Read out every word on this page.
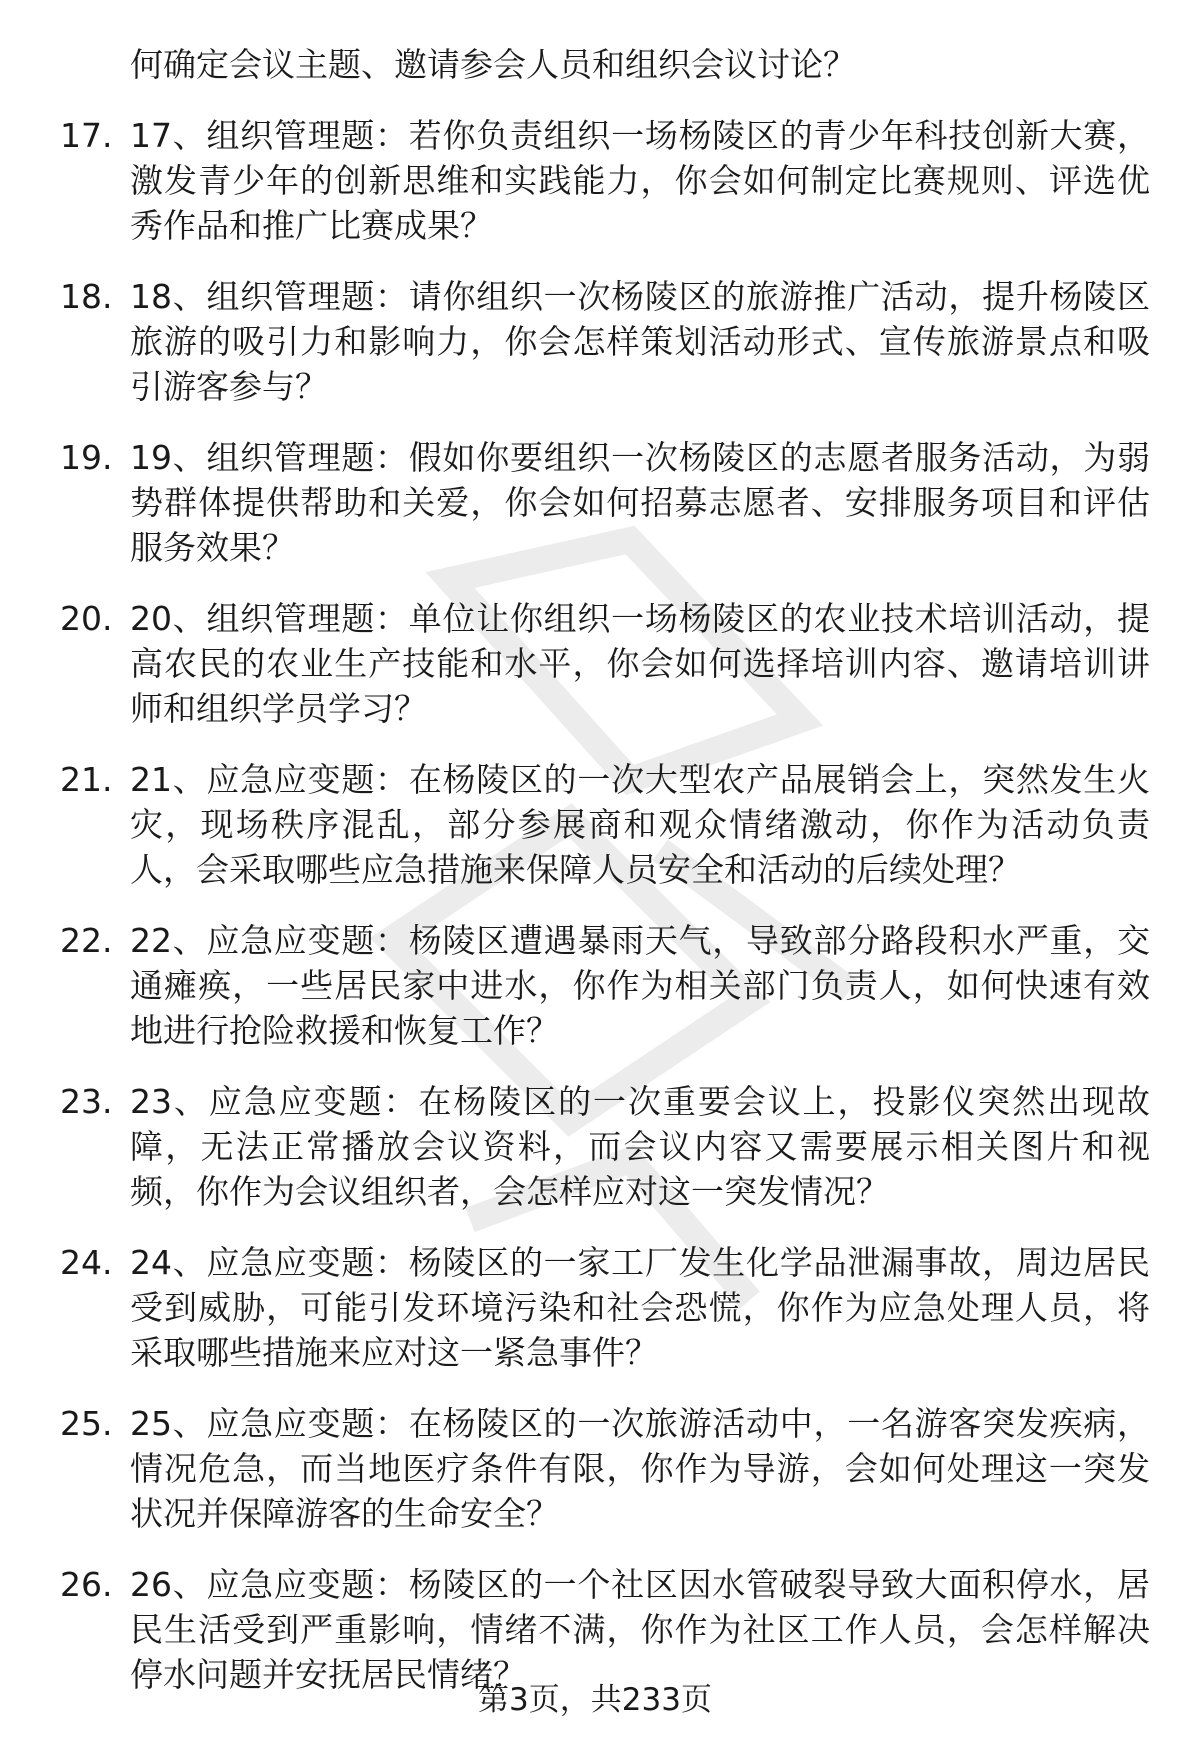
何确定会议主题、邀请参会人员和组织会议讨论？

17. 17、组织管理题：若你负责组织一场杨陵区的青少年科技创新大赛，激发青少年的创新思维和实践能力，你会如何制定比赛规则、评选优秀作品和推广比赛成果？
18. 18、组织管理题：请你组织一次杨陵区的旅游推广活动，提升杨陵区旅游的吸引力和影响力，你会怎样策划活动形式、宣传旅游景点和吸引游客参与？
19. 19、组织管理题：假如你要组织一次杨陵区的志愿者服务活动，为弱势群体提供帮助和关爱，你会如何招募志愿者、安排服务项目和评估服务效果？
20. 20、组织管理题：单位让你组织一场杨陵区的农业技术培训活动，提高农民的农业生产技能和水平，你会如何选择培训内容、邀请培训讲师和组织学员学习？
21. 21、应急应变题：在杨陵区的一次大型农产品展销会上，突然发生火灾，现场秩序混乱，部分参展商和观众情绪激动，你作为活动负责人，会采取哪些应急措施来保障人员安全和活动的后续处理？
22. 22、应急应变题：杨陵区遭遇暴雨天气，导致部分路段积水严重，交通瘫痪，一些居民家中进水，你作为相关部门负责人，如何快速有效地进行抢险救援和恢复工作？
23. 23、应急应变题：在杨陵区的一次重要会议上，投影仪突然出现故障，无法正常播放会议资料，而会议内容又需要展示相关图片和视频，你作为会议组织者，会怎样应对这一突发情况？
24. 24、应急应变题：杨陵区的一家工厂发生化学品泄漏事故，周边居民受到威胁，可能引发环境污染和社会恐慌，你作为应急处理人员，将采取哪些措施来应对这一紧急事件？
25. 25、应急应变题：在杨陵区的一次旅游活动中，一名游客突发疾病，情况危急，而当地医疗条件有限，你作为导游，会如何处理这一突发状况并保障游客的生命安全？
26. 26、应急应变题：杨陵区的一个社区因水管破裂导致大面积停水，居民生活受到严重影响，情绪不满，你作为社区工作人员，会怎样解决停水问题并安抚居民情绪？
第3页，共233页
